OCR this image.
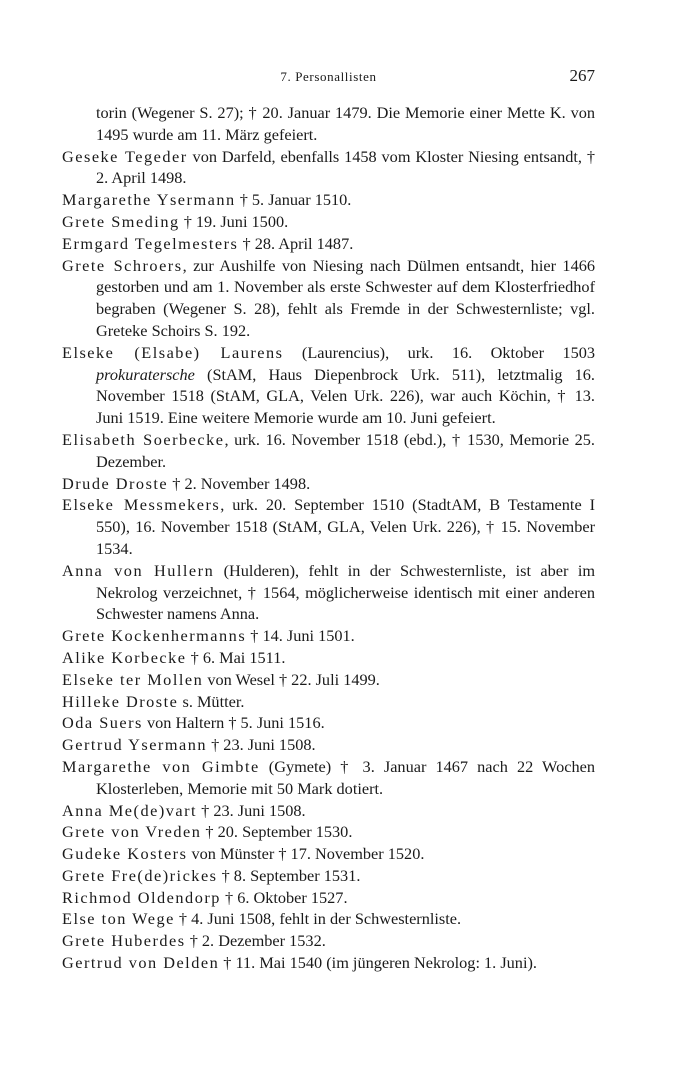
7. Personallisten	267

torin (Wegener S. 27); † 20. Januar 1479. Die Memorie einer Mette K. von 1495 wurde am 11. März gefeiert.

Geseke Tegeder von Darfeld, ebenfalls 1458 vom Kloster Niesing entsandt, † 2. April 1498.

Margarethe Ysermann † 5. Januar 1510.

Grete Smeding † 19. Juni 1500.

Ermgard Tegelmesters † 28. April 1487.

Grete Schroers, zur Aushilfe von Niesing nach Dülmen entsandt, hier 1466 gestorben und am 1. November als erste Schwester auf dem Klosterfriedhof begraben (Wegener S. 28), fehlt als Fremde in der Schwesternliste; vgl. Greteke Schoirs S. 192.

Elseke (Elsabe) Laurens (Laurencius), urk. 16. Oktober 1503 prokuratersche (StAM, Haus Diepenbrock Urk. 511), letztmalig 16. November 1518 (StAM, GLA, Velen Urk. 226), war auch Köchin, † 13. Juni 1519. Eine weitere Memorie wurde am 10. Juni gefeiert.

Elisabeth Soerbecke, urk. 16. November 1518 (ebd.), † 1530, Memorie 25. Dezember.

Drude Droste † 2. November 1498.

Elseke Messmekers, urk. 20. September 1510 (StadtAM, B Testamente I 550), 16. November 1518 (StAM, GLA, Velen Urk. 226), † 15. November 1534.

Anna von Hullern (Hulderen), fehlt in der Schwesternliste, ist aber im Nekrolog verzeichnet, † 1564, möglicherweise identisch mit einer anderen Schwester namens Anna.

Grete Kockenhermanns † 14. Juni 1501.

Alike Korbecke † 6. Mai 1511.

Elseke ter Mollen von Wesel † 22. Juli 1499.

Hilleke Droste s. Mütter.

Oda Suers von Haltern † 5. Juni 1516.

Gertrud Ysermann † 23. Juni 1508.

Margarethe von Gimbte (Gymete) † 3. Januar 1467 nach 22 Wochen Klosterleben, Memorie mit 50 Mark dotiert.

Anna Me(de)vart † 23. Juni 1508.

Grete von Vreden † 20. September 1530.

Gudeke Kosters von Münster † 17. November 1520.

Grete Fre(de)rickes † 8. September 1531.

Richmod Oldendorp † 6. Oktober 1527.

Else ton Wege † 4. Juni 1508, fehlt in der Schwesternliste.

Grete Huberdes † 2. Dezember 1532.

Gertrud von Delden † 11. Mai 1540 (im jüngeren Nekrolog: 1. Juni).
